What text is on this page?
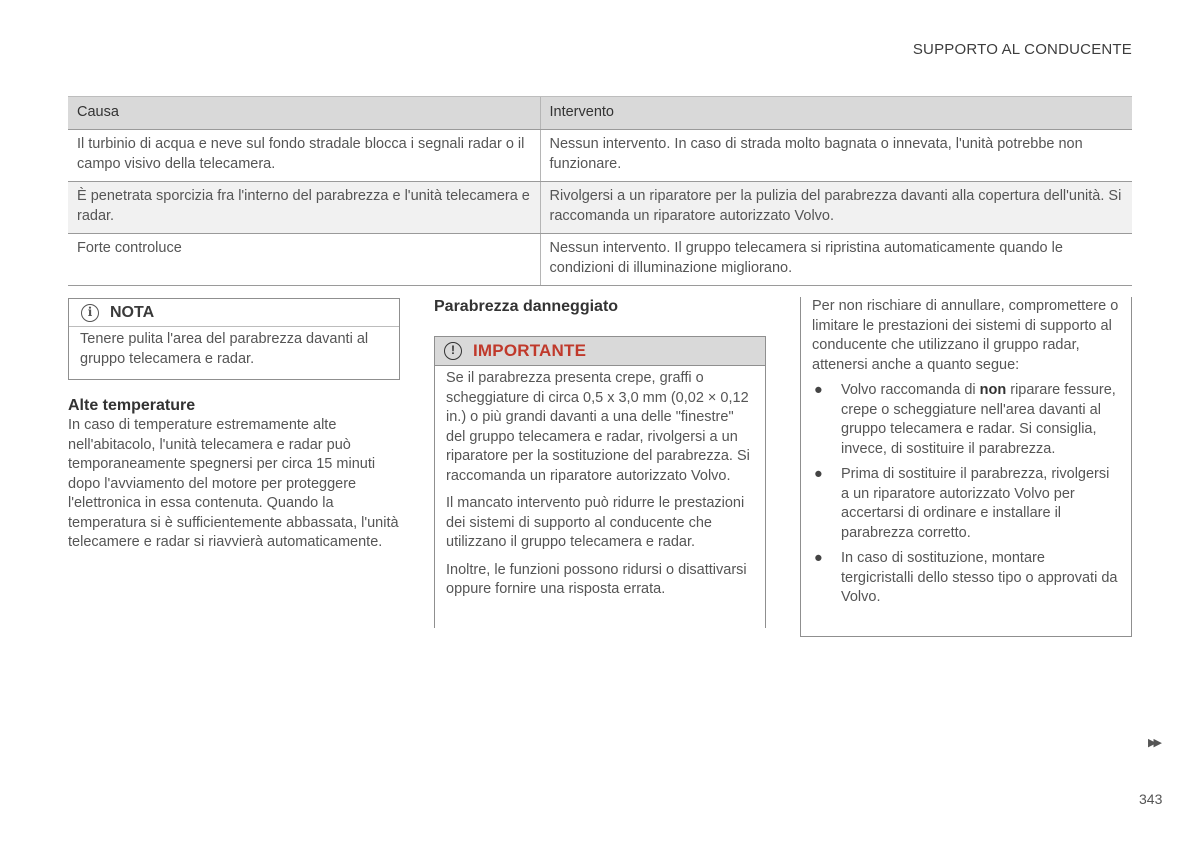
SUPPORTO AL CONDUCENTE
Causa	Intervento
Il turbinio di acqua e neve sul fondo stradale blocca i segnali radar o il campo visivo della telecamera.	Nessun intervento. In caso di strada molto bagnata o innevata, l'unità potrebbe non funzionare.
È penetrata sporcizia fra l'interno del parabrezza e l'unità telecamera e radar.	Rivolgersi a un riparatore per la pulizia del parabrezza davanti alla copertura dell'unità. Si raccomanda un riparatore autorizzato Volvo.
Forte controluce	Nessun intervento. Il gruppo telecamera si ripristina automaticamente quando le condizioni di illuminazione migliorano.
i	NOTA
Tenere pulita l'area del parabrezza davanti al gruppo telecamera e radar.
Alte temperature
In caso di temperature estremamente alte nell'abitacolo, l'unità telecamera e radar può temporaneamente spegnersi per circa 15 minuti dopo l'avviamento del motore per proteggere l'elettronica in essa contenuta. Quando la temperatura si è sufficientemente abbassata, l'unità telecamere e radar si riavvierà automaticamente.
Parabrezza danneggiato
!	IMPORTANTE

Se il parabrezza presenta crepe, graffi o scheggiature di circa 0,5 x 3,0 mm (0,02 × 0,12 in.) o più grandi davanti a una delle "finestre" del gruppo telecamera e radar, rivolgersi a un riparatore per la sostituzione del parabrezza. Si raccomanda un riparatore autorizzato Volvo.

Il mancato intervento può ridurre le prestazioni dei sistemi di supporto al conducente che utilizzano il gruppo telecamera e radar.

Inoltre, le funzioni possono ridursi o disattivarsi oppure fornire una risposta errata.

Per non rischiare di annullare, compromettere o limitare le prestazioni dei sistemi di supporto al conducente che utilizzano il gruppo radar, attenersi anche a quanto segue:

● Volvo raccomanda di non riparare fessure, crepe o scheggiature nell'area davanti al gruppo telecamera e radar. Si consiglia, invece, di sostituire il parabrezza.
● Prima di sostituire il parabrezza, rivolgersi a un riparatore autorizzato Volvo per accertarsi di ordinare e installare il parabrezza corretto.
● In caso di sostituzione, montare tergicristalli dello stesso tipo o approvati da Volvo.
▶▶
343
